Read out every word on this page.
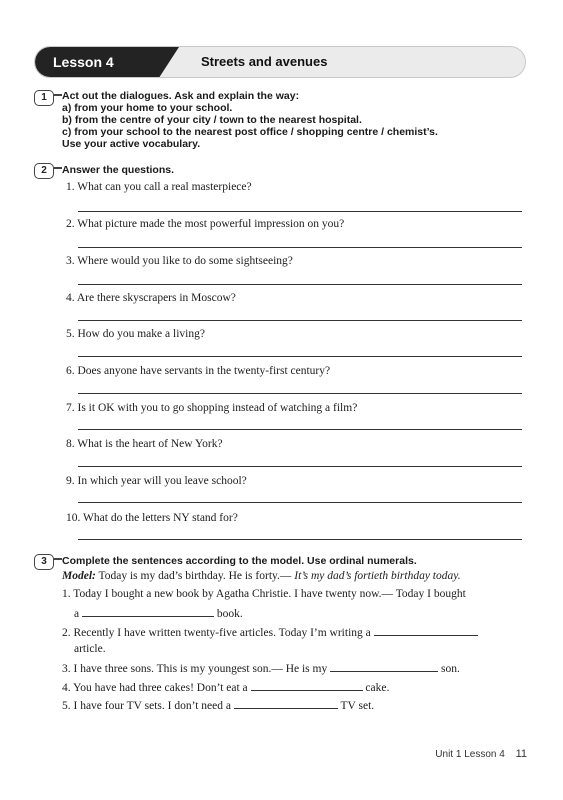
Lesson 4	Streets and avenues
1	Act out the dialogues. Ask and explain the way:
a) from your home to your school.
b) from the centre of your city / town to the nearest hospital.
c) from your school to the nearest post office / shopping centre / chemist’s.
Use your active vocabulary.
2	Answer the questions.
1. What can you call a real masterpiece?
2. What picture made the most powerful impression on you?
3. Where would you like to do some sightseeing?
4. Are there skyscrapers in Moscow?
5. How do you make a living?
6. Does anyone have servants in the twenty-first century?
7. Is it OK with you to go shopping instead of watching a film?
8. What is the heart of New York?
9. In which year will you leave school?
10. What do the letters NY stand for?
3	Complete the sentences according to the model. Use ordinal numerals.
Model: Today is my dad’s birthday. He is forty.— It’s my dad’s fortieth birthday today.
1. Today I bought a new book by Agatha Christie. I have twenty now.— Today I bought
a	book.
2. Recently I have written twenty-five articles. Today I’m writing a
article.
3. I have three sons. This is my youngest son.— He is my	son.
4. You have had three cakes! Don’t eat a	cake.
5. I have four TV sets. I don’t need a	TV set.
Unit 1 Lesson 4 11
